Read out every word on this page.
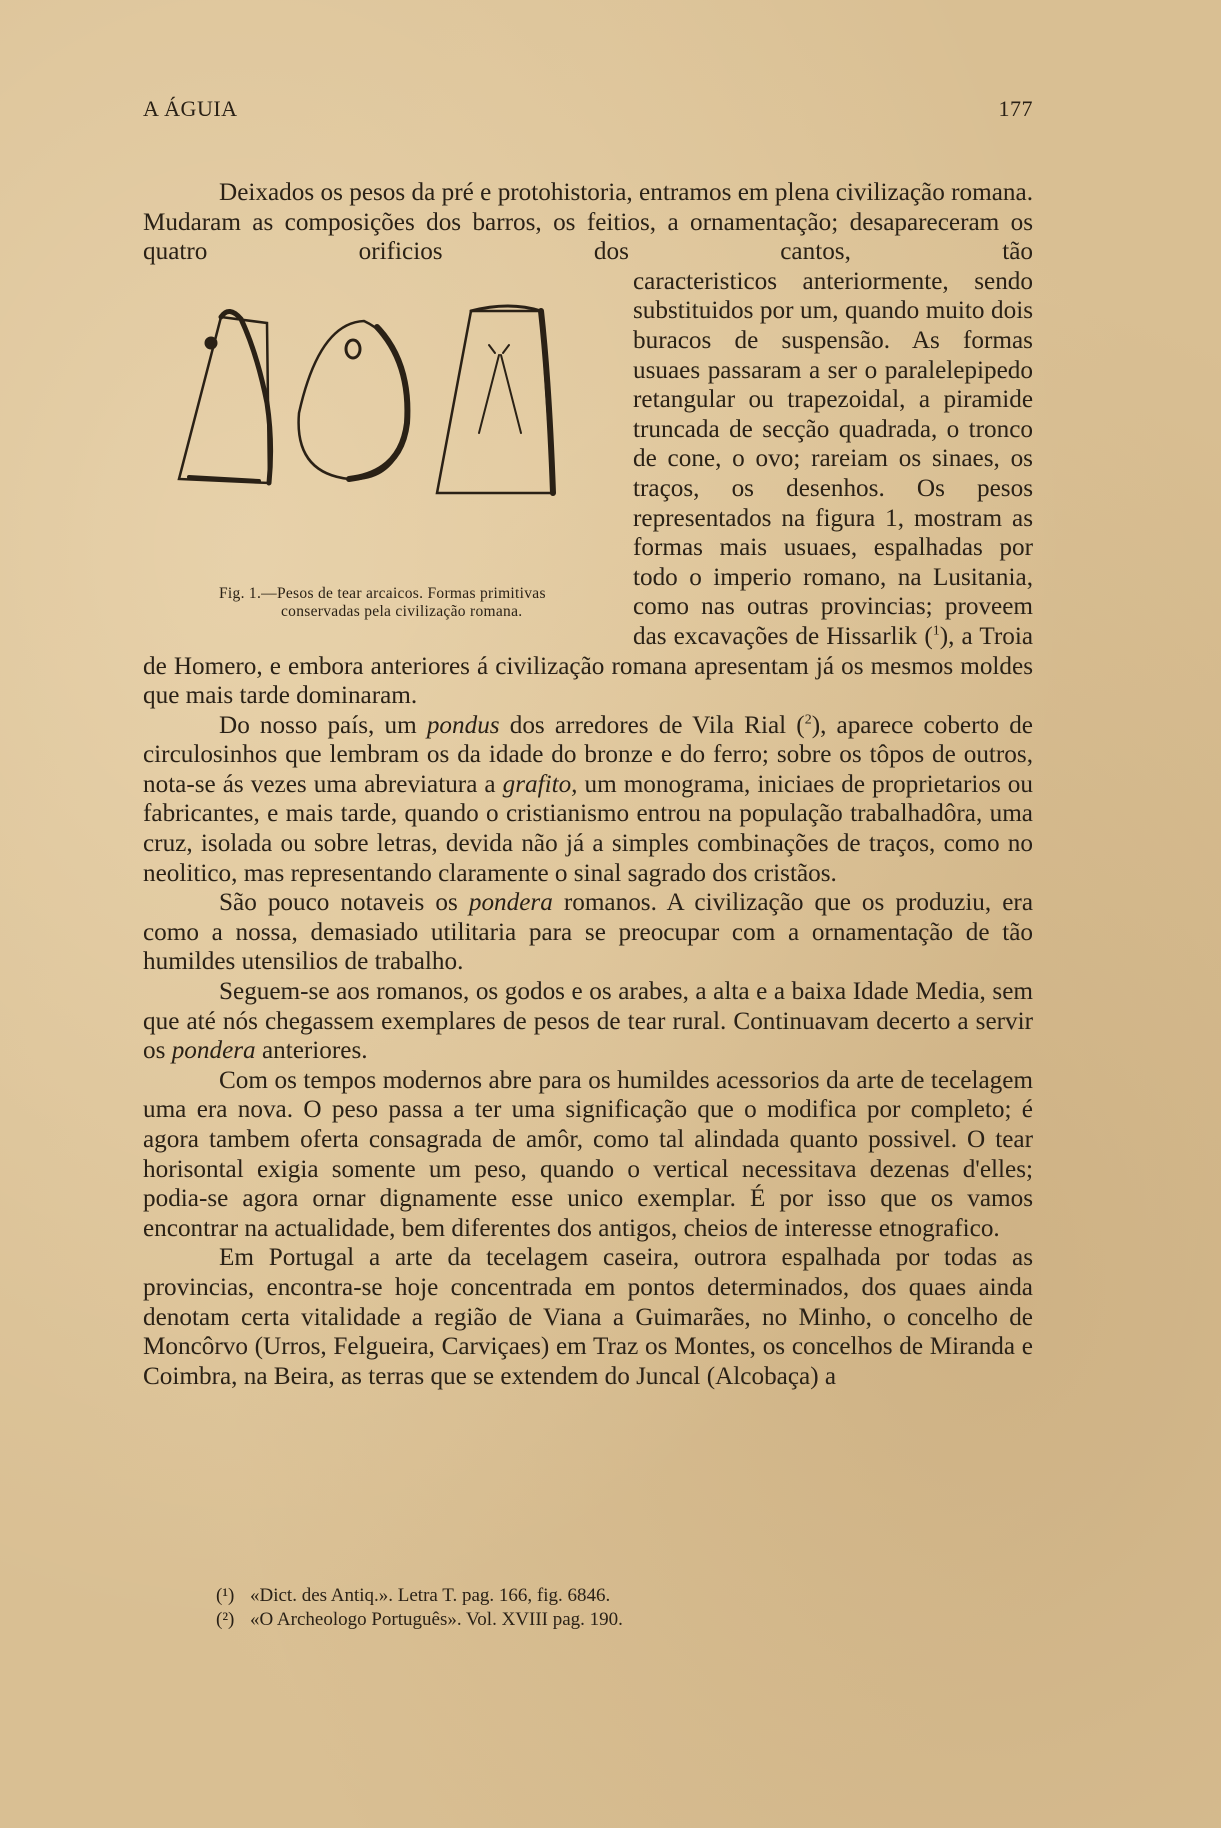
A ÁGUIA	177

Deixados os pesos da pré e protohistoria, entramos em plena civilização romana. Mudaram as composições dos barros, os feitios, a ornamentação; desapareceram os quatro orificios dos cantos, tão cara
Fig. 1.—Pesos de tear arcaicos. Formas primitivas
conservadas pela civilização romana.
cteristicos anteriormente, sendo substituidos por um, quando muito dois buracos de suspensão. As formas usuaes passaram a ser o paralelepipedo retangular ou trapezoidal, a piramide truncada de secção quadrada, o tronco de cone, o ovo; rareiam os sinaes, os traços, os desenhos. Os pesos representados na figura 1, mostram as formas mais usuaes, espalhadas por todo o imperio romano, na Lusitania, como nas outras provincias; proveem das excavações de Hissarlik ($^1$), a Troia de Homero, e embora anteriores á civilização romana apresentam já os mesmos moldes que mais tarde dominaram.

Do nosso país, um pondus dos arredores de Vila Rial ($^2$), aparece coberto de circulosinhos que lembram os da idade do bronze e do ferro; sobre os tôpos de outros, nota-se ás vezes uma abreviatura a grafito, um monograma, iniciaes de proprietarios ou fabricantes, e mais tarde, quando o cristianismo entrou na população trabalhadôra, uma cruz, isolada ou sobre letras, devida não já a simples combinações de traços, como no neolitico, mas representando claramente o sinal sagrado dos cristãos.

São pouco notaveis os pondera romanos. A civilização que os produziu, era como a nossa, demasiado utilitaria para se preocupar com a ornamentação de tão humildes utensilios de trabalho.

Seguem-se aos romanos, os godos e os arabes, a alta e a baixa Idade Media, sem que até nós chegassem exemplares de pesos de tear rural. Continuavam decerto a servir os pondera anteriores.

Com os tempos modernos abre para os humildes acessorios da arte de tecelagem uma era nova. O peso passa a ter uma significação que o modifica por completo; é agora tambem oferta consagrada de amôr, como tal alindada quanto possivel. O tear horisontal exigia somente um peso, quando o vertical necessitava dezenas d'elles; podia-se agora ornar dignamente esse unico exemplar. É por isso que os vamos encontrar na actualidade, bem diferentes dos antigos, cheios de interesse etnografico.

Em Portugal a arte da tecelagem caseira, outrora espalhada por todas as provincias, encontra-se hoje concentrada em pontos determinados, dos quaes ainda denotam certa vitalidade a região de Viana a Guimarães, no Minho, o concelho de Moncôrvo (Urros, Felgueira, Carviçaes) em Traz os Montes, os concelhos de Miranda e Coimbra, na Beira, as terras que se extendem do Juncal (Alcobaça) a

(¹) «Dict. des Antiq.». Letra T. pag. 166, fig. 6846.
(²) «O Archeologo Português». Vol. XVIII pag. 190.
